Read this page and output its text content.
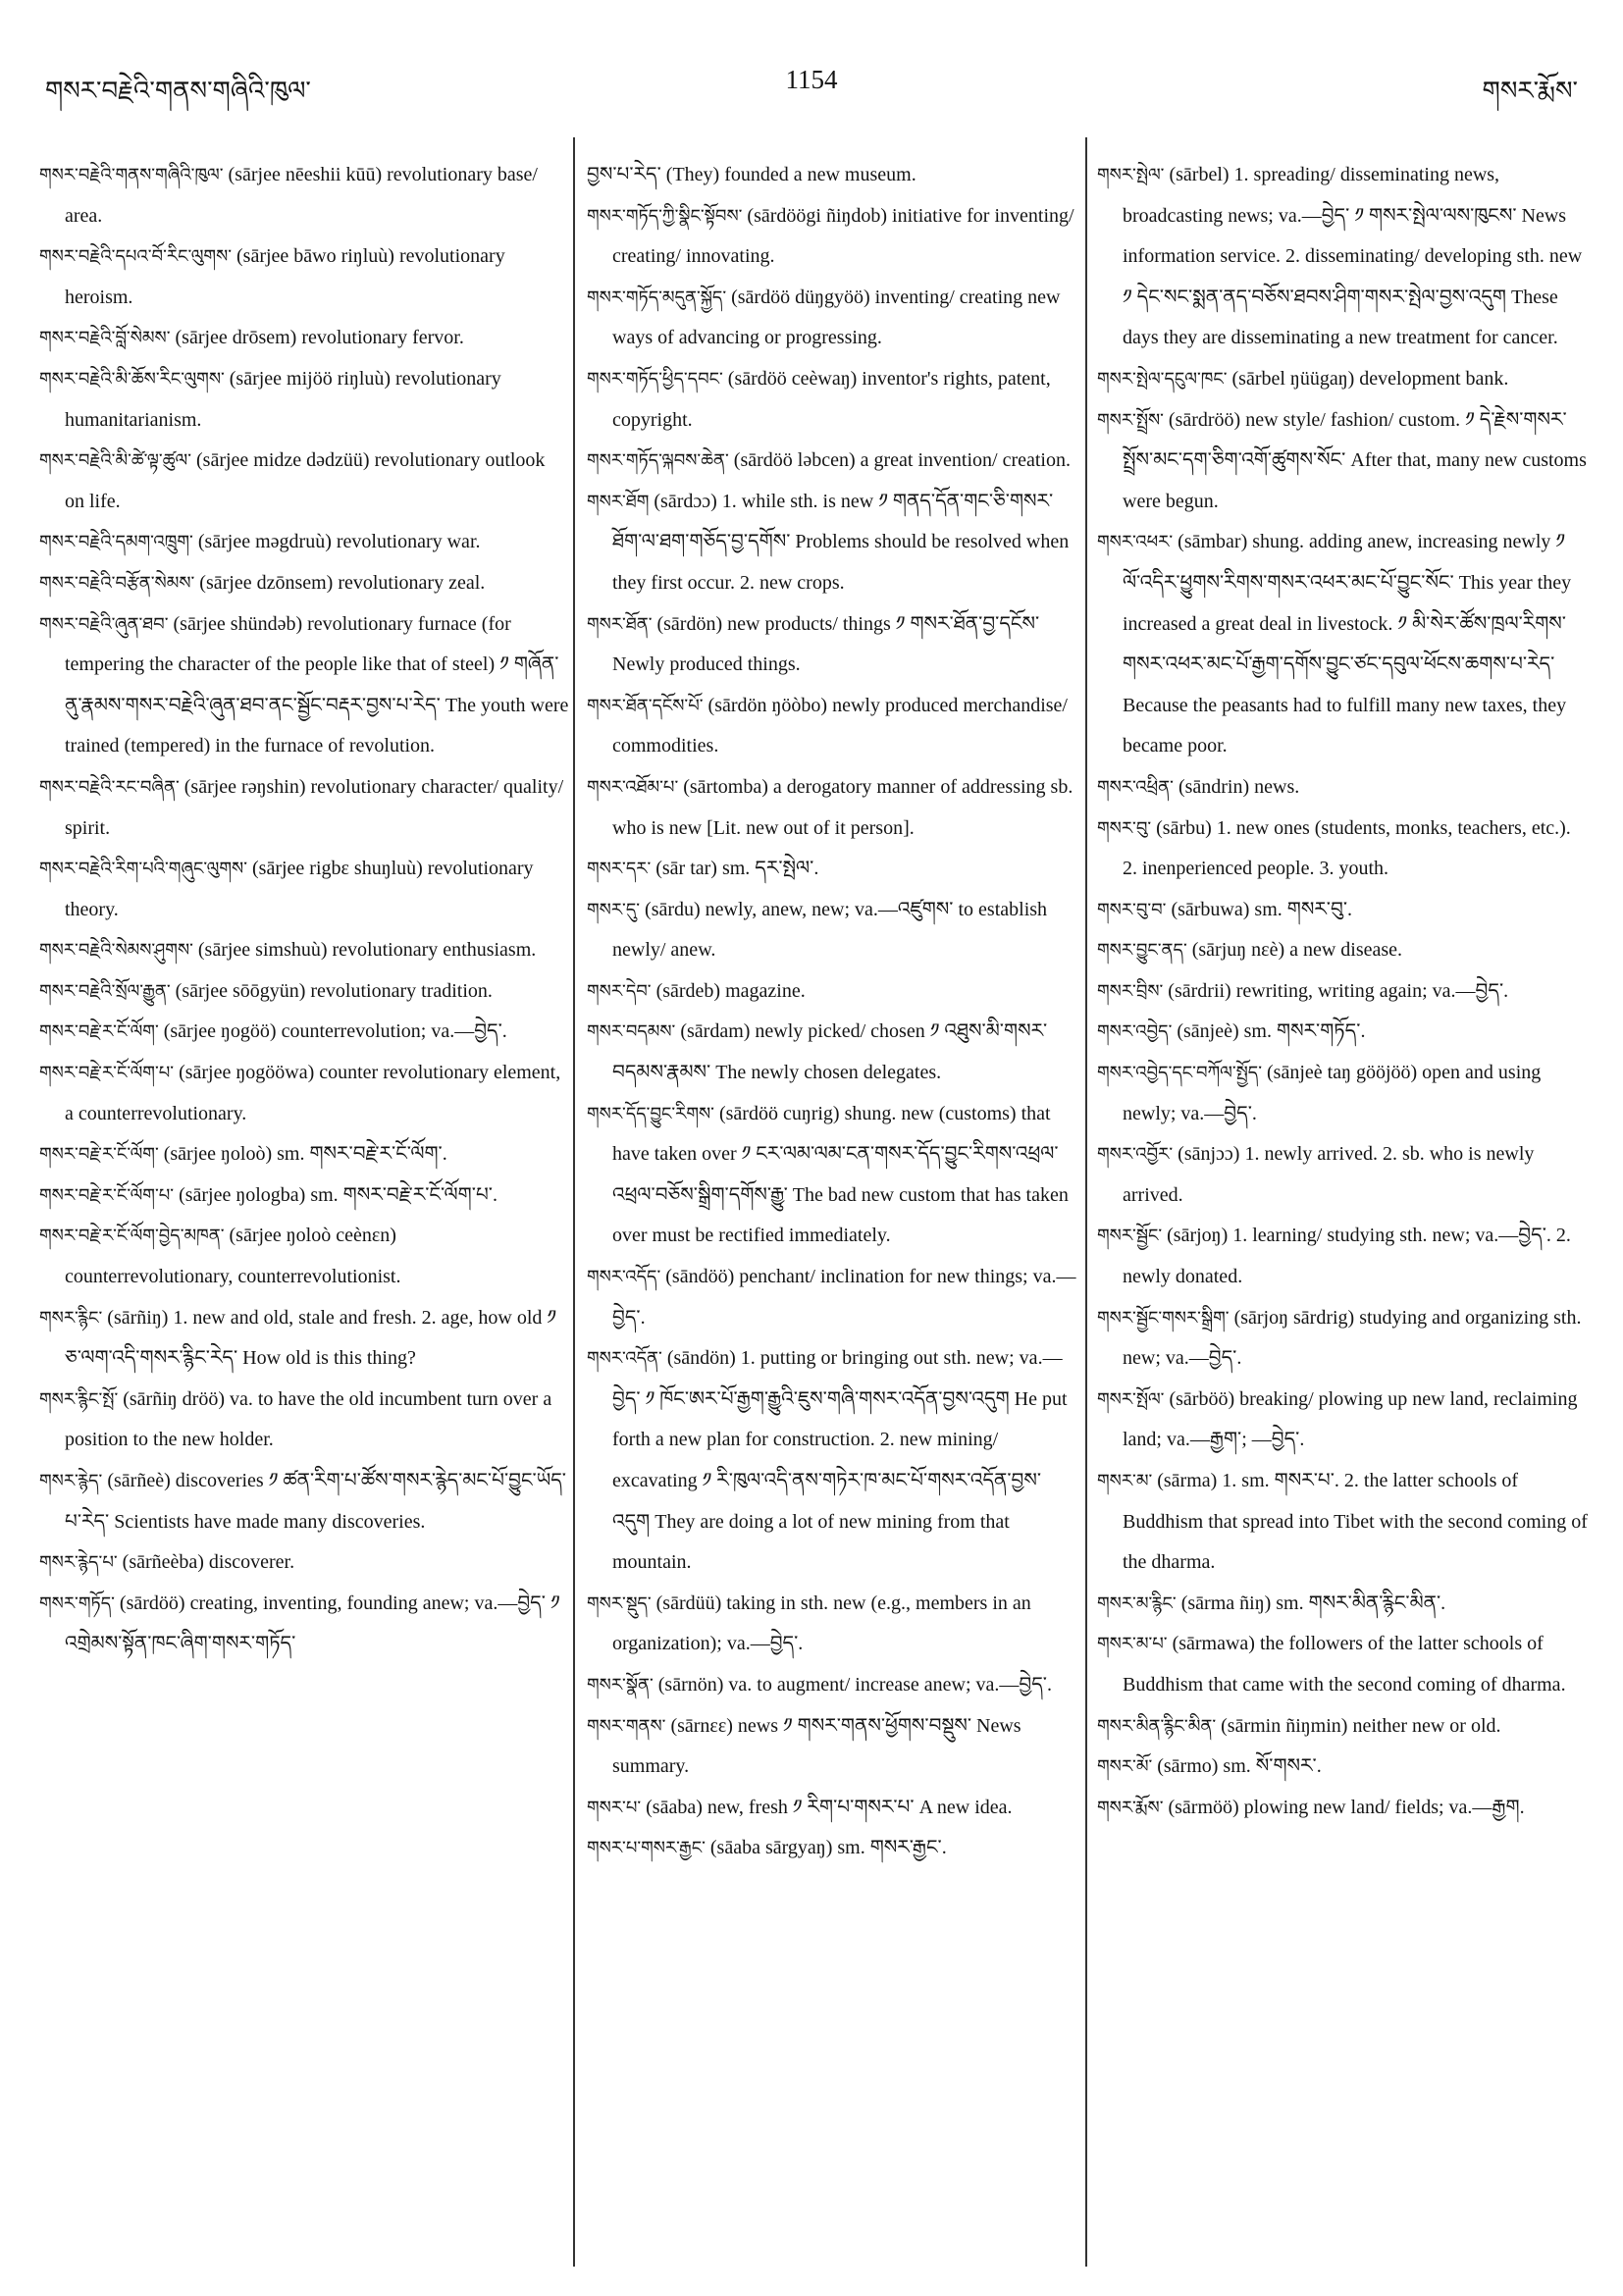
1154
གསར་བརྗེའི་གནས་གཞིའི་ཁུལ་	གསར་རྨོས་
གསར་བརྗེའི་གནས་གཞིའི་ཁུལ་ (sārjee nēeshii kūū) revolutionary base/ area.
གསར་བརྗེའི་དཔའ་བོ་རིང་ལུགས་ (sārjee bāwo riŋluù) revolutionary heroism.
གསར་བརྗེའི་བློ་སེམས་ (sārjee drōsem) revolutionary fervor.
གསར་བརྗེའི་མི་ཆོས་རིང་ལུགས་ (sārjee mijöö riŋluù) revolutionary humanitarianism.
གསར་བརྗེའི་མི་ཚེ་ལྟ་ཚུལ་ (sārjee midze dədzüü) revolutionary outlook on life.
གསར་བརྗེའི་དམག་འཁྲུག་ (sārjee məgdruù) revolutionary war.
གསར་བརྗེའི་བརྩོན་སེམས་ (sārjee dzōnsem) revolutionary zeal.
གསར་བརྗེའི་ཞུན་ཐབ་ (sārjee shündəb) revolutionary furnace (for tempering the character of the people like that of steel) ༡ གཞོན་ནུ་རྣམས་གསར་བརྗེའི་ཞུན་ཐབ་ནང་སྦྱོང་བརྡར་བྱས་པ་རེད་ The youth were trained (tempered) in the furnace of revolution.
གསར་བརྗེའི་རང་བཞིན་ (sārjee rəŋshin) revolutionary character/ quality/ spirit.
གསར་བརྗེའི་རིག་པའི་གཞུང་ལུགས་ (sārjee rigbɛ shuŋluù) revolutionary theory.
གསར་བརྗེའི་སེམས་ཤུགས་ (sārjee simshuù) revolutionary enthusiasm.
གསར་བརྗེའི་སྲོལ་རྒྱུན་ (sārjee sōōgyün) revolutionary tradition.
གསར་བརྗེ་ར་ངོ་ལོག་ (sārjee ŋogöö) counterrevolution; va.—བྱེད་.
གསར་བརྗེ་ར་ངོ་ལོག་པ་ (sārjee ŋogööwa) counter revolutionary element, a counterrevolutionary.
གསར་བརྗེ་ར་ངོ་ལོག་ (sārjee ŋoloò) sm. གསར་བརྗེ་ར་ངོ་ལོག་.
གསར་བརྗེ་ར་ངོ་ལོག་པ་ (sārjee ŋologba) sm. གསར་བརྗེ་ར་ངོ་ལོག་པ་.
གསར་བརྗེ་ར་ངོ་ལོག་བྱེད་མཁན་ (sārjee ŋoloò ceènɛn) counterrevolutionary, counterrevolutionist.
གསར་རྙིང་ (sārñiŋ) 1. new and old, stale and fresh. 2. age, how old ༡ ཅ་ལག་འདི་གསར་རྙིང་རེད་ How old is this thing?
གསར་རྙིང་སྤོ་ (sārñiŋ dröö) va. to have the old incumbent turn over a position to the new holder.
གསར་རྙེད་ (sārñeè) discoveries ༡ ཚན་རིག་པ་ཚོས་གསར་རྙེད་མང་པོ་བྱུང་ཡོད་པ་རེད་ Scientists have made many discoveries.
གསར་རྙེད་པ་ (sārñeèba) discoverer.
གསར་གཏོད་ (sārdöö) creating, inventing, founding anew; va.—བྱེད་ ༡ འགྲེམས་སྟོན་ཁང་ཞིག་གསར་གཏོད་
བྱས་པ་རེད་ (They) founded a new museum.
གསར་གཏོད་ཀྱི་སྣིང་སྟོབས་ (sārdöögi ñiŋdob) initiative for inventing/ creating/ innovating.
གསར་གཏོད་མདུན་སྐྱོད་ (sārdöö düŋgyöö) inventing/ creating new ways of advancing or progressing.
གསར་གཏོད་ཕྱིད་དབང་ (sārdöö ceèwaŋ) inventor's rights, patent, copyright.
གསར་གཏོད་ལྐབས་ཆེན་ (sārdöö ləbcen) a great invention/ creation.
གསར་ཐོག (sārdɔɔ) 1. while sth. is new ༡ གནད་དོན་གང་ཅི་གསར་ཐོག་ལ་ཐག་གཅོད་བྱ་དགོས་ Problems should be resolved when they first occur. 2. new crops.
གསར་ཐོན་ (sārdön) new products/ things ༡ གསར་ཐོན་བྱ་དངོས་ Newly produced things.
གསར་ཐོན་དངོས་པོ་ (sārdön ŋöòbo) newly produced merchandise/ commodities.
གསར་འཐོམ་པ་ (sārtomba) a derogatory manner of addressing sb. who is new [Lit. new out of it person].
གསར་དར་ (sār tar) sm. དར་སྤེལ་.
གསར་དུ་ (sārdu) newly, anew, new; va.—འཛུགས་ to establish newly/ anew.
གསར་དེབ་ (sārdeb) magazine.
གསར་བདམས་ (sārdam) newly picked/ chosen ༡ འཐུས་མི་གསར་བདམས་རྣམས་ The newly chosen delegates.
གསར་དོད་བྱུང་རིགས་ (sārdöö cuŋrig) shung. new (customs) that have taken over ༡ ངར་ལམ་ལམ་ངན་གསར་དོད་བྱུང་རིགས་འཕྲལ་འཕྲལ་བཅོས་སྒྲིག་དགོས་རྒྱུ་ The bad new custom that has taken over must be rectified immediately.
གསར་འདོད་ (sāndöö) penchant/ inclination for new things; va.—བྱེད་.
གསར་འདོན་ (sāndön) 1. putting or bringing out sth. new; va.—བྱེད་ ༡ ཁོང་ཨར་པོ་རྒྱག་རྒྱུའི་ཇུས་གཞི་གསར་འདོན་བྱས་འདུག He put forth a new plan for construction. 2. new mining/ excavating ༡ རི་ཁུལ་འདི་ནས་གཏེར་ཁ་མང་པོ་གསར་འདོན་བྱས་འདུག They are doing a lot of new mining from that mountain.
གསར་སྡུད་ (sārdüü) taking in sth. new (e.g., members in an organization); va.—བྱེད་.
གསར་སྣོན་ (sārnön) va. to augment/ increase anew; va.—བྱེད་.
གསར་གནས་ (sārnɛɛ) news ༡ གསར་གནས་ཕྱོགས་བསྡུས་ News summary.
གསར་པ་ (sāaba) new, fresh ༡ རིག་པ་གསར་པ་ A new idea.
གསར་པ་གསར་རྒྱང་ (sāaba sārgyaŋ) sm. གསར་རྒྱང་.
གསར་སྤེལ་ (sārbel) 1. spreading/ disseminating news, broadcasting news; va.—བྱེད་ ༡ གསར་སྤེལ་ལས་ཁུངས་ News information service. 2. disseminating/ developing sth. new ༡ དེང་སང་སྨན་ནད་བཅོས་ཐབས་ཤིག་གསར་སྤེལ་བྱས་འདུག These days they are disseminating a new treatment for cancer.
གསར་སྤེལ་དངུལ་ཁང་ (sārbel ŋüügaŋ) development bank.
གསར་སྤྲོས་ (sārdröö) new style/ fashion/ custom. ༡ དེ་རྗེས་གསར་སྤྲོས་མང་དག་ཅིག་འགོ་ཚུགས་སོང་ After that, many new customs were begun.
གསར་འཕར་ (sāmbar) shung. adding anew, increasing newly ༡ ལོ་འདིར་ཕྱུགས་རིགས་གསར་འཕར་མང་པོ་བྱུང་སོང་ This year they increased a great deal in livestock. ༡ མི་སེར་ཚོས་ཁྲལ་རིགས་གསར་འཕར་མང་པོ་རྒྱག་དགོས་བྱུང་ཙང་དབུལ་ཕོངས་ཆགས་པ་རེད་ Because the peasants had to fulfill many new taxes, they became poor.
གསར་འཕྲིན་ (sāndrin) news.
གསར་བུ་ (sārbu) 1. new ones (students, monks, teachers, etc.). 2. inenperienced people. 3. youth.
གསར་བུ་བ་ (sārbuwa) sm. གསར་བུ་.
གསར་བྱུང་ནད་ (sārjuŋ nɛè) a new disease.
གསར་བྲིས་ (sārdrii) rewriting, writing again; va.—བྱེད་.
གསར་འབྱེད་ (sānjeè) sm. གསར་གཏོད་.
གསར་འབྱེད་དང་བཀོལ་སྤྱོད་ (sānjeè taŋ gööjöö) open and using newly; va.—བྱེད་.
གསར་འབྱོར་ (sānjɔɔ) 1. newly arrived. 2. sb. who is newly arrived.
གསར་སྦྱོང་ (sārjoŋ) 1. learning/ studying sth. new; va.—བྱེད་. 2. newly donated.
གསར་སྦྱོང་གསར་སྒྲིག་ (sārjoŋ sārdrig) studying and organizing sth. new; va.—བྱེད་.
གསར་སྤོལ་ (sārböö) breaking/ plowing up new land, reclaiming land; va.—རྒྱག་; —བྱེད་.
གསར་མ་ (sārma) 1. sm. གསར་པ་. 2. the latter schools of Buddhism that spread into Tibet with the second coming of the dharma.
གསར་མ་རྙིང་ (sārma ñiŋ) sm. གསར་མིན་རྙིང་མིན་.
གསར་མ་པ་ (sārmawa) the followers of the latter schools of Buddhism that came with the second coming of dharma.
གསར་མིན་རྙིང་མིན་ (sārmin ñiŋmin) neither new or old.
གསར་མོ་ (sārmo) sm. སོ་གསར་.
གསར་རྨོས་ (sārmöö) plowing new land/ fields; va.—རྒྱག.
